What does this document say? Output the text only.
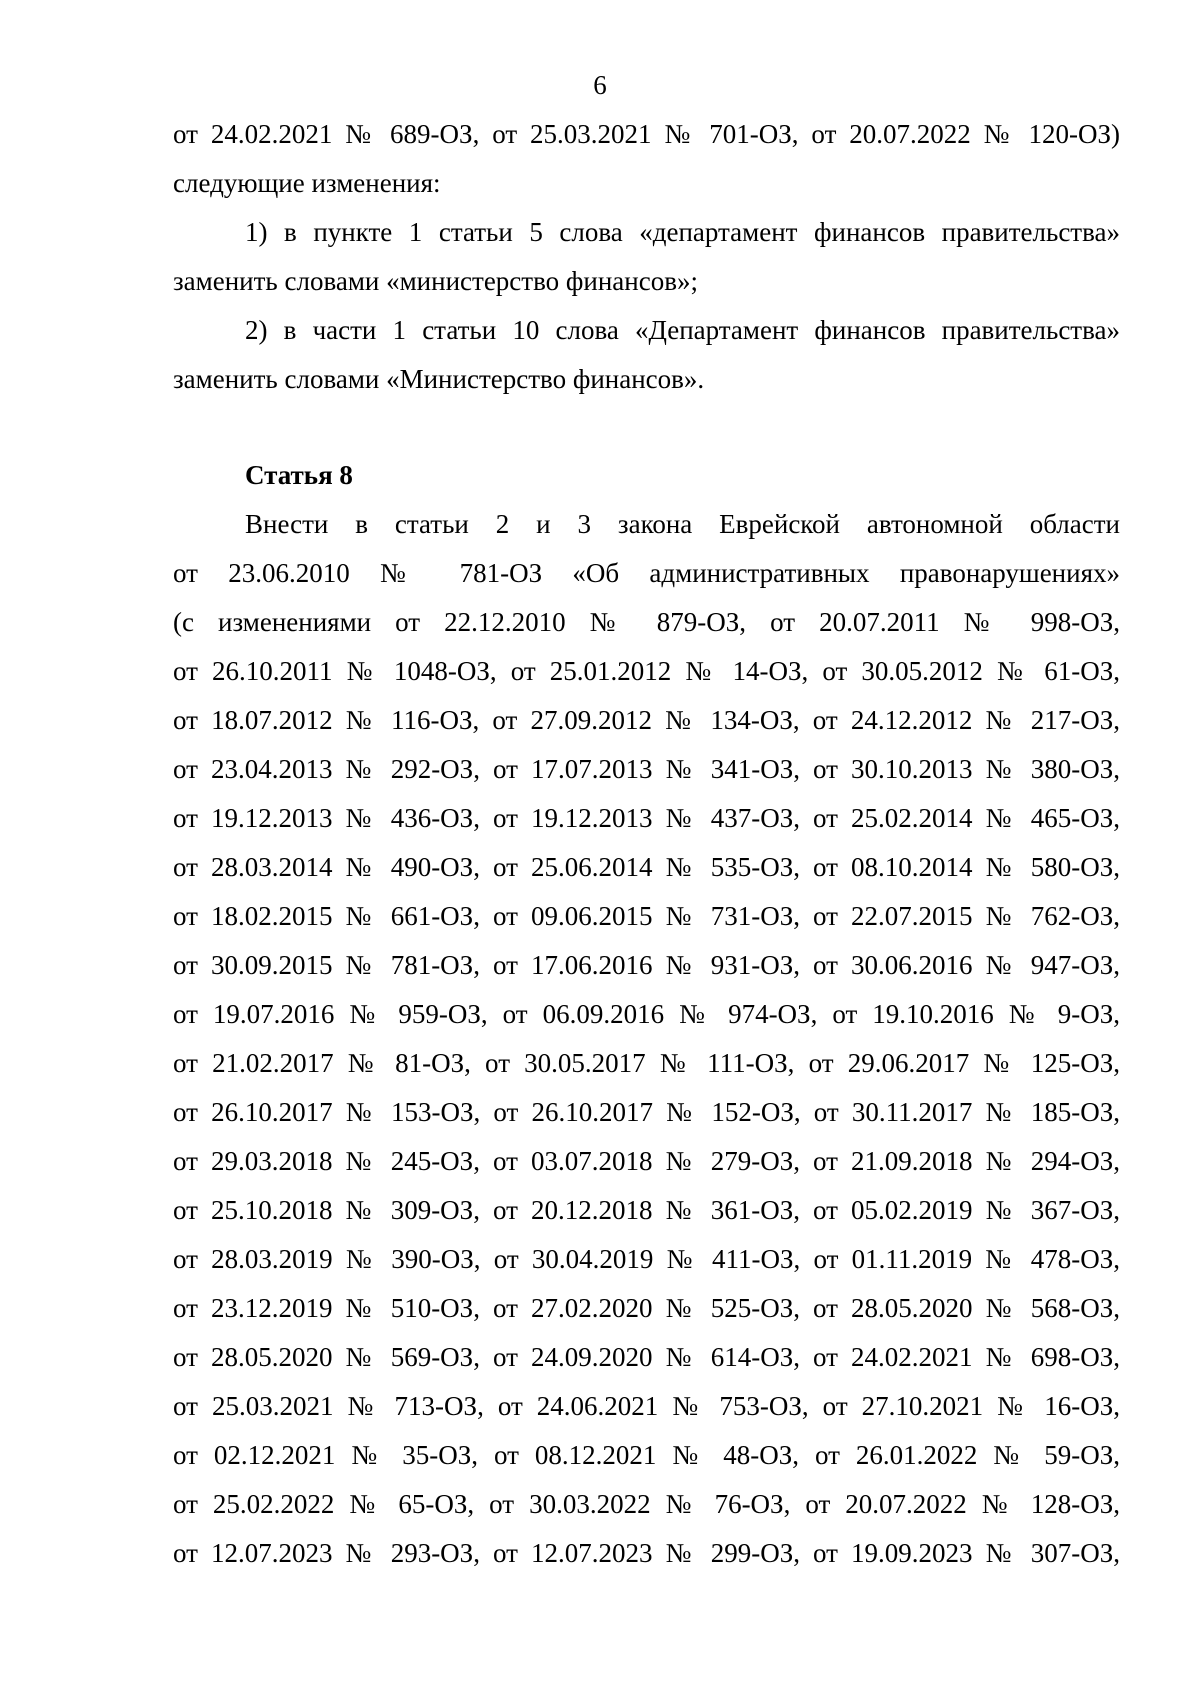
6
от 24.02.2021 № 689-ОЗ, от 25.03.2021 № 701-ОЗ, от 20.07.2022 № 120-ОЗ)
следующие изменения:
1) в пункте 1 статьи 5 слова «департамент финансов правительства»
заменить словами «министерство финансов»;
2) в части 1 статьи 10 слова «Департамент финансов правительства»
заменить словами «Министерство финансов».
Статья 8
Внести в статьи 2 и 3 закона Еврейской автономной области
от 23.06.2010 № 781-ОЗ «Об административных правонарушениях»
(с изменениями от 22.12.2010 № 879-ОЗ, от 20.07.2011 № 998-ОЗ,
от 26.10.2011 № 1048-ОЗ, от 25.01.2012 № 14-ОЗ, от 30.05.2012 № 61-ОЗ,
от 18.07.2012 № 116-ОЗ, от 27.09.2012 № 134-ОЗ, от 24.12.2012 № 217-ОЗ,
от 23.04.2013 № 292-ОЗ, от 17.07.2013 № 341-ОЗ, от 30.10.2013 № 380-ОЗ,
от 19.12.2013 № 436-ОЗ, от 19.12.2013 № 437-ОЗ, от 25.02.2014 № 465-ОЗ,
от 28.03.2014 № 490-ОЗ, от 25.06.2014 № 535-ОЗ, от 08.10.2014 № 580-ОЗ,
от 18.02.2015 № 661-ОЗ, от 09.06.2015 № 731-ОЗ, от 22.07.2015 № 762-ОЗ,
от 30.09.2015 № 781-ОЗ, от 17.06.2016 № 931-ОЗ, от 30.06.2016 № 947-ОЗ,
от 19.07.2016 № 959-ОЗ, от 06.09.2016 № 974-ОЗ, от 19.10.2016 № 9-ОЗ,
от 21.02.2017 № 81-ОЗ, от 30.05.2017 № 111-ОЗ, от 29.06.2017 № 125-ОЗ,
от 26.10.2017 № 153-ОЗ, от 26.10.2017 № 152-ОЗ, от 30.11.2017 № 185-ОЗ,
от 29.03.2018 № 245-ОЗ, от 03.07.2018 № 279-ОЗ, от 21.09.2018 № 294-ОЗ,
от 25.10.2018 № 309-ОЗ, от 20.12.2018 № 361-ОЗ, от 05.02.2019 № 367-ОЗ,
от 28.03.2019 № 390-ОЗ, от 30.04.2019 № 411-ОЗ, от 01.11.2019 № 478-ОЗ,
от 23.12.2019 № 510-ОЗ, от 27.02.2020 № 525-ОЗ, от 28.05.2020 № 568-ОЗ,
от 28.05.2020 № 569-ОЗ, от 24.09.2020 № 614-ОЗ, от 24.02.2021 № 698-ОЗ,
от 25.03.2021 № 713-ОЗ, от 24.06.2021 № 753-ОЗ, от 27.10.2021 № 16-ОЗ,
от 02.12.2021 № 35-ОЗ, от 08.12.2021 № 48-ОЗ, от 26.01.2022 № 59-ОЗ,
от 25.02.2022 № 65-ОЗ, от 30.03.2022 № 76-ОЗ, от 20.07.2022 № 128-ОЗ,
от 12.07.2023 № 293-ОЗ, от 12.07.2023 № 299-ОЗ, от 19.09.2023 № 307-ОЗ,
